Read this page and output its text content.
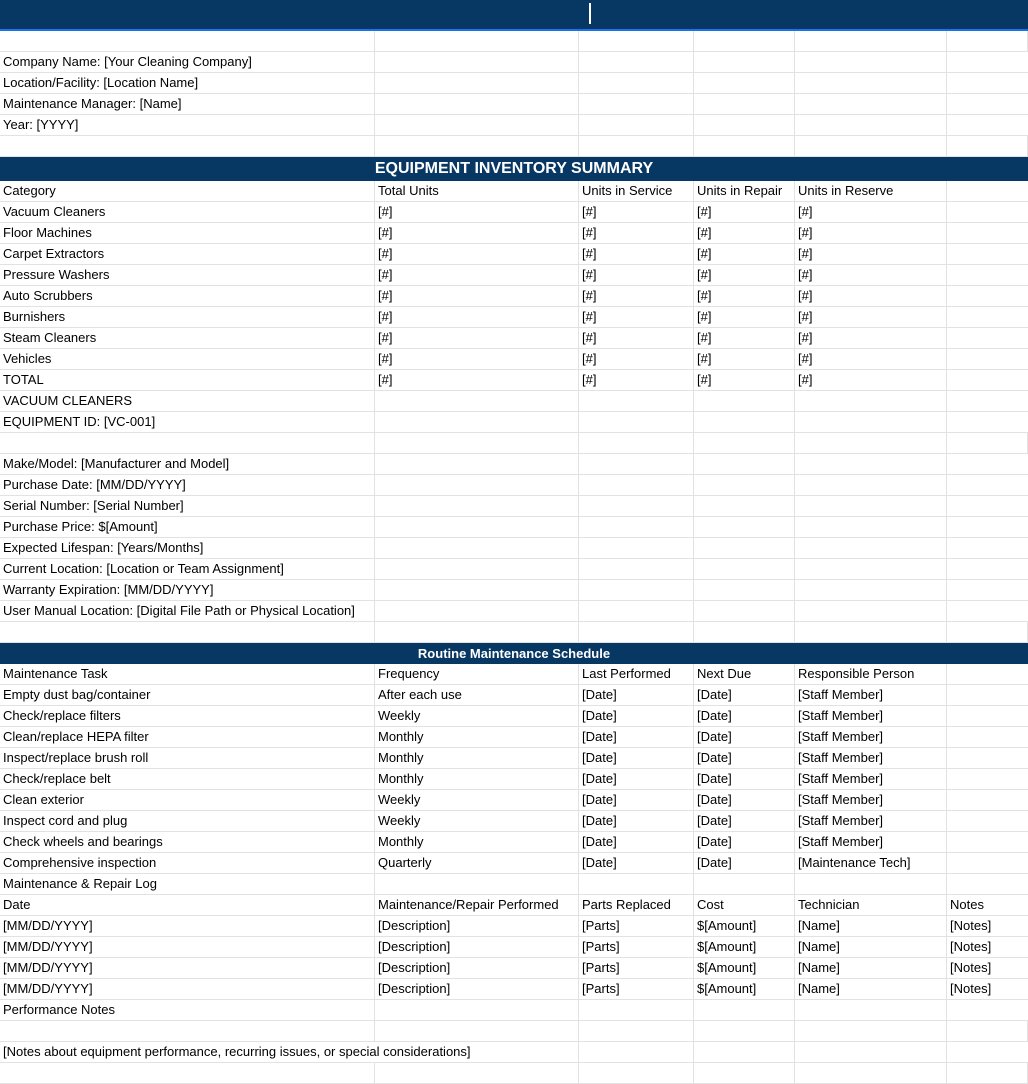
Company Name: [Your Cleaning Company]
Location/Facility: [Location Name]
Maintenance Manager: [Name]
Year: [YYYY]
EQUIPMENT INVENTORY SUMMARY
Category	Total Units	Units in Service	Units in Repair	Units in Reserve
Vacuum Cleaners	[#]	[#]	[#]	[#]
Floor Machines	[#]	[#]	[#]	[#]
Carpet Extractors	[#]	[#]	[#]	[#]
Pressure Washers	[#]	[#]	[#]	[#]
Auto Scrubbers	[#]	[#]	[#]	[#]
Burnishers	[#]	[#]	[#]	[#]
Steam Cleaners	[#]	[#]	[#]	[#]
Vehicles	[#]	[#]	[#]	[#]
TOTAL	[#]	[#]	[#]	[#]
VACUUM CLEANERS
EQUIPMENT ID: [VC-001]
Make/Model: [Manufacturer and Model]
Purchase Date: [MM/DD/YYYY]
Serial Number: [Serial Number]
Purchase Price: $[Amount]
Expected Lifespan: [Years/Months]
Current Location: [Location or Team Assignment]
Warranty Expiration: [MM/DD/YYYY]
User Manual Location: [Digital File Path or Physical Location]
Routine Maintenance Schedule
Maintenance Task	Frequency	Last Performed	Next Due	Responsible Person
Empty dust bag/container	After each use	[Date]	[Date]	[Staff Member]
Check/replace filters	Weekly	[Date]	[Date]	[Staff Member]
Clean/replace HEPA filter	Monthly	[Date]	[Date]	[Staff Member]
Inspect/replace brush roll	Monthly	[Date]	[Date]	[Staff Member]
Check/replace belt	Monthly	[Date]	[Date]	[Staff Member]
Clean exterior	Weekly	[Date]	[Date]	[Staff Member]
Inspect cord and plug	Weekly	[Date]	[Date]	[Staff Member]
Check wheels and bearings	Monthly	[Date]	[Date]	[Staff Member]
Comprehensive inspection	Quarterly	[Date]	[Date]	[Maintenance Tech]
Maintenance & Repair Log
Date	Maintenance/Repair Performed	Parts Replaced	Cost	Technician	Notes
[MM/DD/YYYY]	[Description]	[Parts]	$[Amount]	[Name]	[Notes]
[MM/DD/YYYY]	[Description]	[Parts]	$[Amount]	[Name]	[Notes]
[MM/DD/YYYY]	[Description]	[Parts]	$[Amount]	[Name]	[Notes]
[MM/DD/YYYY]	[Description]	[Parts]	$[Amount]	[Name]	[Notes]
Performance Notes
[Notes about equipment performance, recurring issues, or special considerations]
